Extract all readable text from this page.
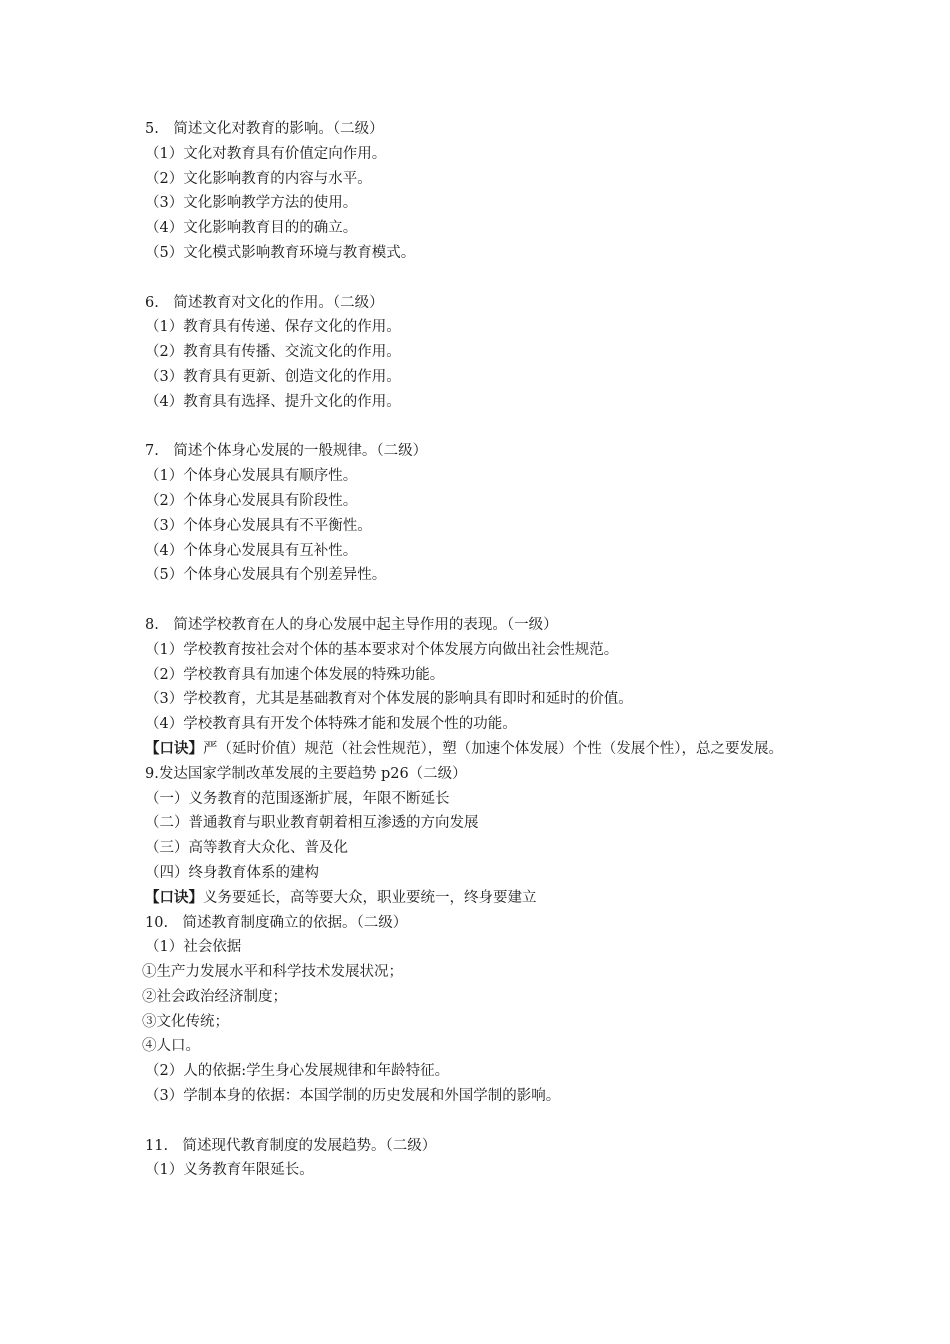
5.　简述文化对教育的影响。（二级）
（1）文化对教育具有价值定向作用。
（2）文化影响教育的内容与水平。
（3）文化影响教学方法的使用。
（4）文化影响教育目的的确立。
（5）文化模式影响教育环境与教育模式。
6.　简述教育对文化的作用。（二级）
（1）教育具有传递、保存文化的作用。
（2）教育具有传播、交流文化的作用。
（3）教育具有更新、创造文化的作用。
（4）教育具有选择、提升文化的作用。
7.　简述个体身心发展的一般规律。（二级）
（1）个体身心发展具有顺序性。
（2）个体身心发展具有阶段性。
（3）个体身心发展具有不平衡性。
（4）个体身心发展具有互补性。
（5）个体身心发展具有个别差异性。
8.　简述学校教育在人的身心发展中起主导作用的表现。（一级）
（1）学校教育按社会对个体的基本要求对个体发展方向做出社会性规范。
（2）学校教育具有加速个体发展的特殊功能。
（3）学校教育，尤其是基础教育对个体发展的影响具有即时和延时的价值。
（4）学校教育具有开发个体特殊才能和发展个性的功能。
【口诀】严（延时价值）规范（社会性规范），塑（加速个体发展）个性（发展个性），总之要发展。
9.发达国家学制改革发展的主要趋势 p26（二级）
（一）义务教育的范围逐渐扩展，年限不断延长
（二）普通教育与职业教育朝着相互渗透的方向发展
（三）高等教育大众化、普及化
（四）终身教育体系的建构
【口诀】义务要延长，高等要大众，职业要统一，终身要建立
10.　简述教育制度确立的依据。（二级）
（1）社会依据
①生产力发展水平和科学技术发展状况；
②社会政治经济制度；
③文化传统；
④人口。
（2）人的依据:学生身心发展规律和年龄特征。
（3）学制本身的依据：本国学制的历史发展和外国学制的影响。
11.　简述现代教育制度的发展趋势。（二级）
（1）义务教育年限延长。
